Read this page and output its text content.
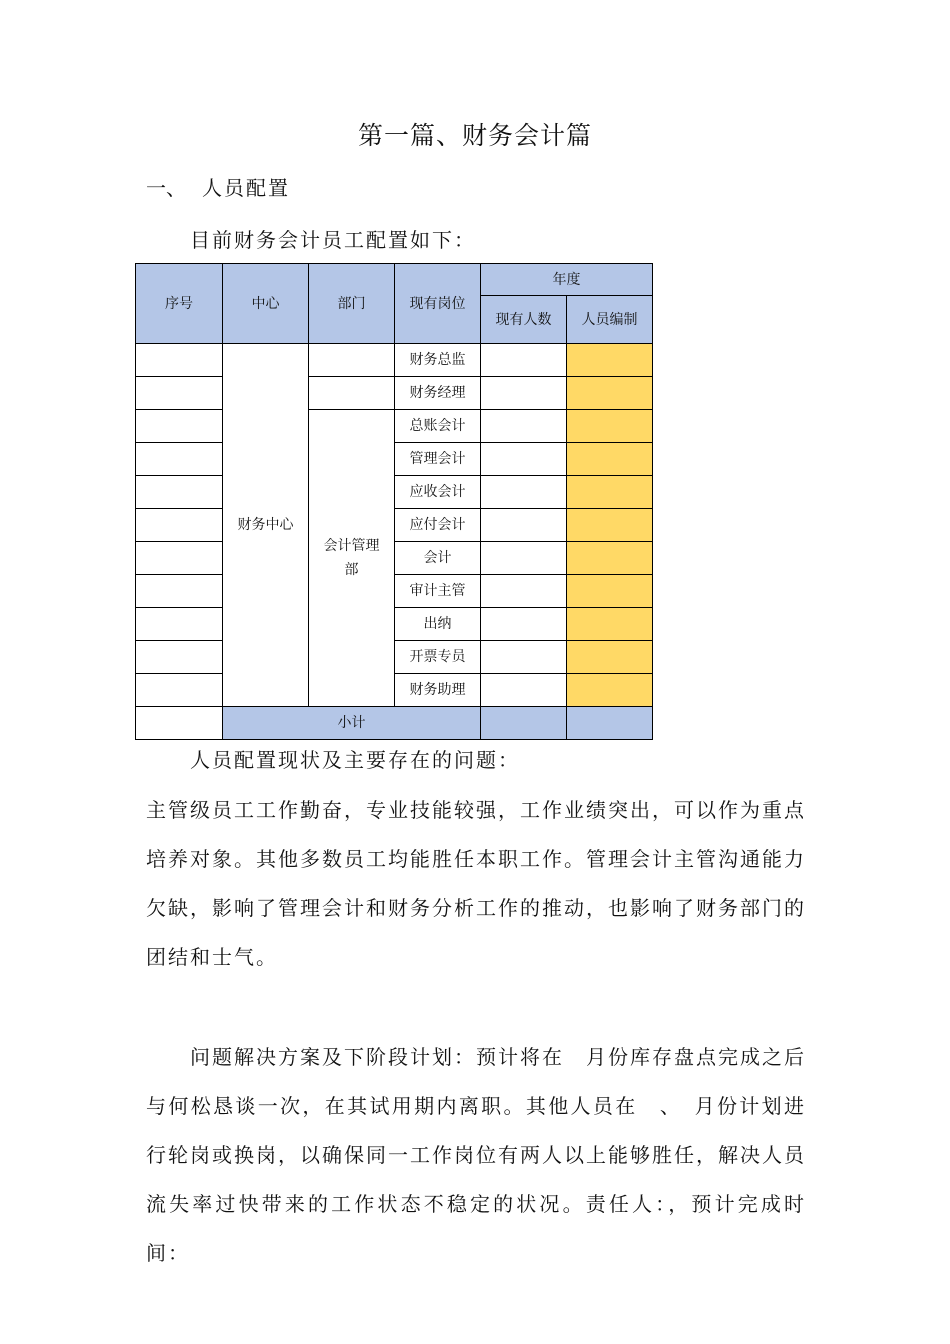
第一篇、财务会计篇
一、 人员配置
目前财务会计员工配置如下：
序号	中心	部门	现有岗位	年度	
				现有人数	人员编制
	财务中心		财务总监		
			财务经理		

		会计管理部	总账会计		
			管理会计		
			应收会计		
			应付会计		
			会计		
			审计主管		
			出纳		
			开票专员		
			财务助理		
	小计				
人员配置现状及主要存在的问题：
主管级员工工作勤奋，专业技能较强，工作业绩突出，可以作为重点培养对象。其他多数员工均能胜任本职工作。管理会计主管沟通能力欠缺，影响了管理会计和财务分析工作的推动，也影响了财务部门的团结和士气。
问题解决方案及下阶段计划：预计将在　月份库存盘点完成之后与何松恳谈一次，在其试用期内离职。其他人员在　、　月份计划进行轮岗或换岗，以确保同一工作岗位有两人以上能够胜任，解决人员流失率过快带来的工作状态不稳定的状况。责任人：，预计完成时间：
